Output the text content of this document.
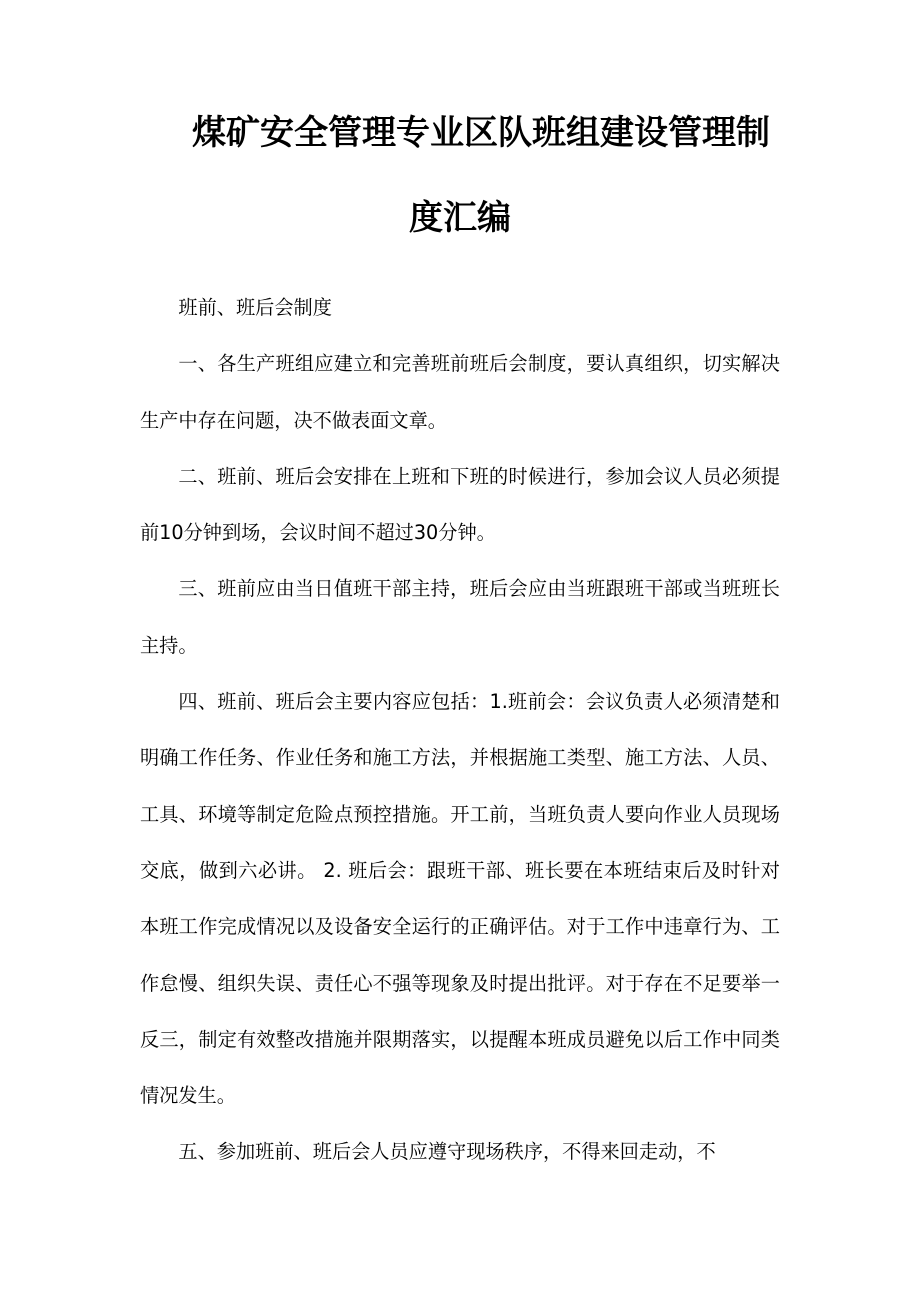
煤矿安全管理专业区队班组建设管理制
度汇编

班前、班后会制度

一、各生产班组应建立和完善班前班后会制度，要认真组织，切实解决生产中存在问题，决不做表面文章。

二、班前、班后会安排在上班和下班的时候进行，参加会议人员必须提前10分钟到场，会议时间不超过30分钟。

三、班前应由当日值班干部主持，班后会应由当班跟班干部或当班班长主持。

四、班前、班后会主要内容应包括：1.班前会：会议负责人必须清楚和明确工作任务、作业任务和施工方法，并根据施工类型、施工方法、人员、工具、环境等制定危险点预控措施。开工前，当班负责人要向作业人员现场交底，做到六必讲。 2. 班后会：跟班干部、班长要在本班结束后及时针对本班工作完成情况以及设备安全运行的正确评估。对于工作中违章行为、工作怠慢、组织失误、责任心不强等现象及时提出批评。对于存在不足要举一反三，制定有效整改措施并限期落实，以提醒本班成员避免以后工作中同类情况发生。

五、参加班前、班后会人员应遵守现场秩序，不得来回走动，不
